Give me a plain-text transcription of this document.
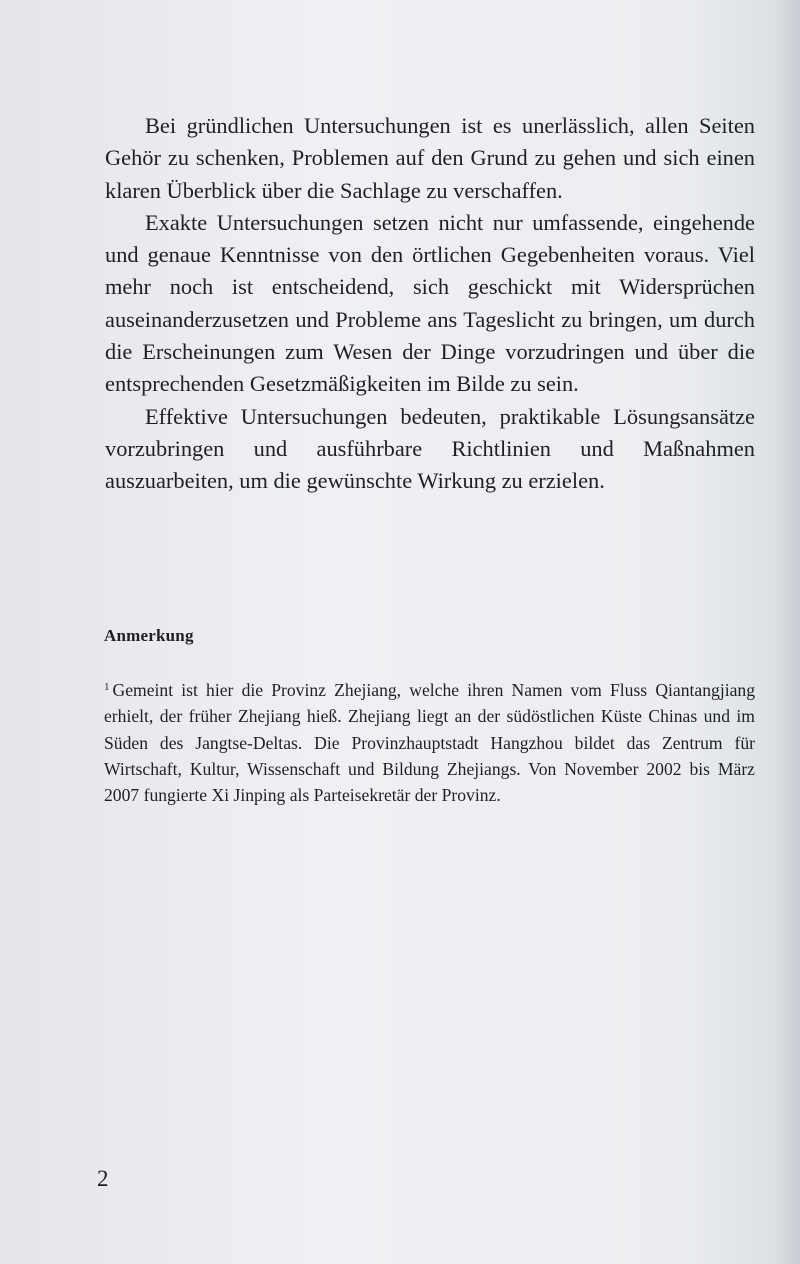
Bei gründlichen Untersuchungen ist es unerlässlich, allen Seiten Gehör zu schenken, Problemen auf den Grund zu gehen und sich einen klaren Überblick über die Sachlage zu verschaffen.

Exakte Untersuchungen setzen nicht nur umfassende, eingehende und genaue Kenntnisse von den örtlichen Gegebenheiten voraus. Viel mehr noch ist entscheidend, sich geschickt mit Widersprüchen auseinanderzusetzen und Probleme ans Tageslicht zu bringen, um durch die Erscheinungen zum Wesen der Dinge vorzudringen und über die entsprechenden Gesetzmäßigkeiten im Bilde zu sein.

Effektive Untersuchungen bedeuten, praktikable Lösungsansätze vorzubringen und ausführbare Richtlinien und Maßnahmen auszuarbeiten, um die gewünschte Wirkung zu erzielen.

Anmerkung
$^1$ Gemeint ist hier die Provinz Zhejiang, welche ihren Namen vom Fluss Qiantangjiang erhielt, der früher Zhejiang hieß. Zhejiang liegt an der südöstlichen Küste Chinas und im Süden des Jangtse-Deltas. Die Provinzhauptstadt Hangzhou bildet das Zentrum für Wirtschaft, Kultur, Wissenschaft und Bildung Zhejiangs. Von November 2002 bis März 2007 fungierte Xi Jinping als Parteisekretär der Provinz.
2
